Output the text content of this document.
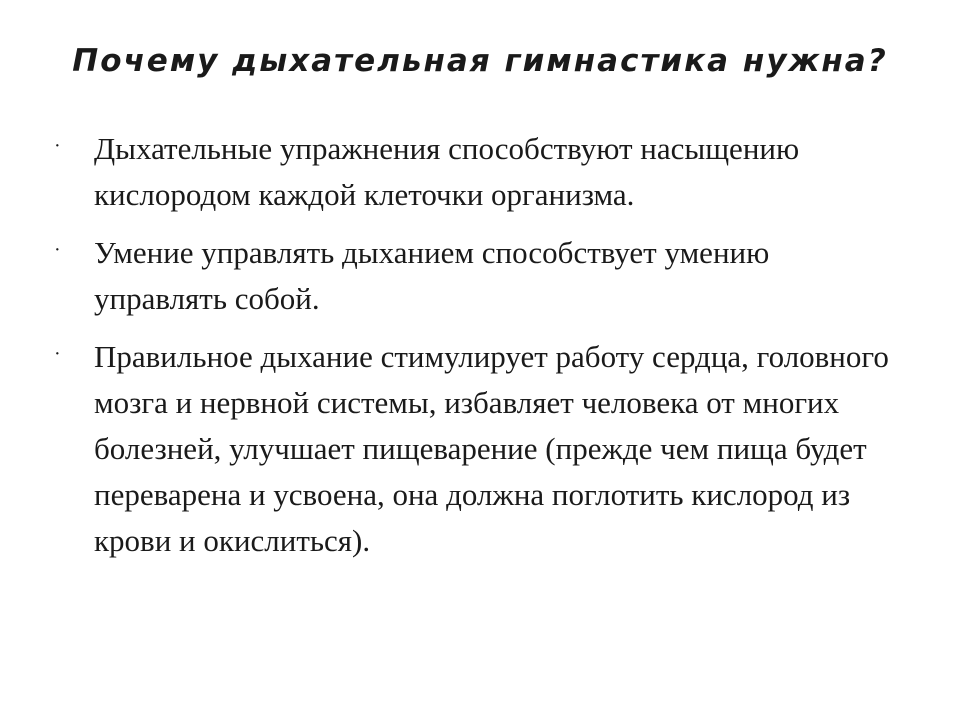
Почему дыхательная гимнастика нужна?
· Дыхательные упражнения способствуют насыщению кислородом каждой клеточки организма.
· Умение управлять дыханием способствует умению управлять собой.
· Правильное дыхание стимулирует работу сердца, головного мозга и нервной системы, избавляет человека от многих болезней, улучшает пищеварение (прежде чем пища будет переварена и усвоена, она должна поглотить кислород из крови и окислиться).
